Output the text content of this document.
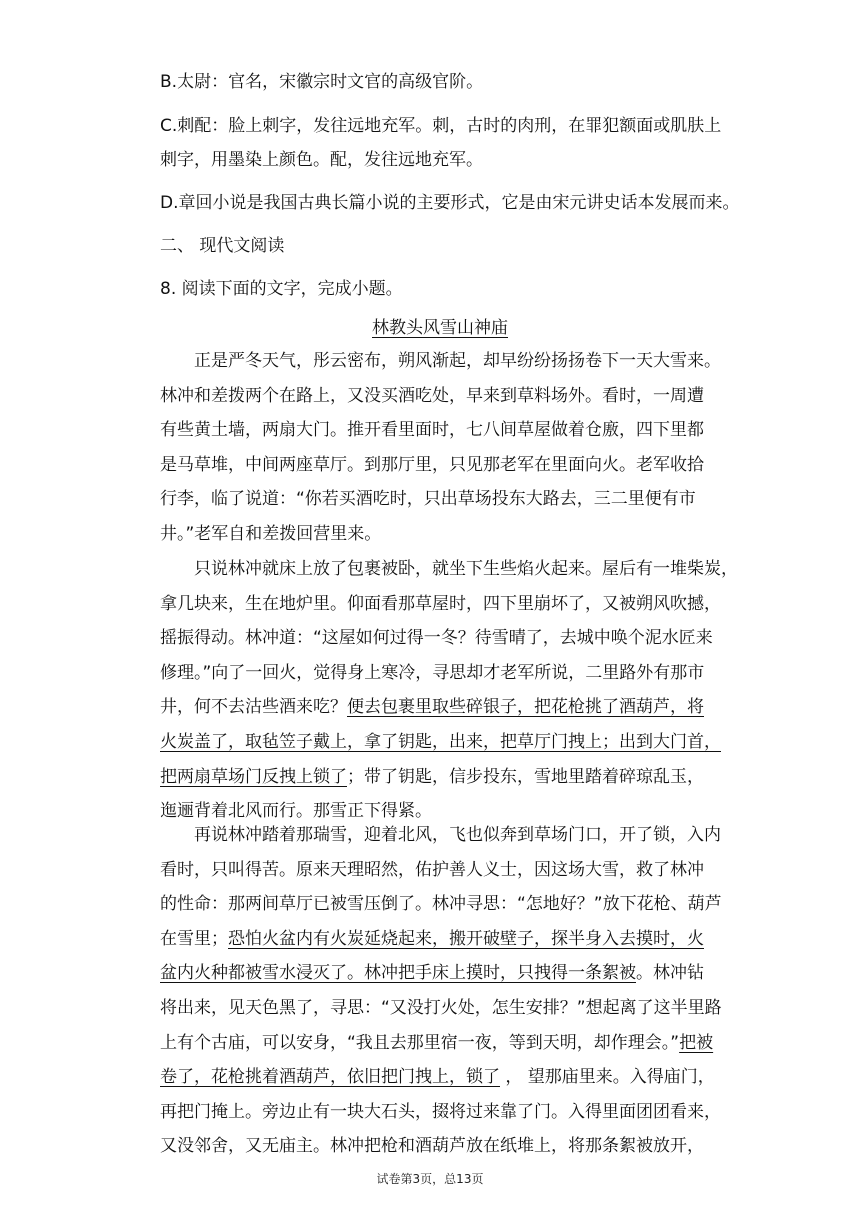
B.太尉：官名，宋徽宗时文官的高级官阶。
C.刺配：脸上刺字，发往远地充军。刺，古时的肉刑，在罪犯额面或肌肤上
刺字，用墨染上颜色。配，发往远地充军。
D.章回小说是我国古典长篇小说的主要形式，它是由宋元讲史话本发展而来。
二、 现代文阅读
8. 阅读下面的文字，完成小题。
林教头风雪山神庙
正是严冬天气，彤云密布，朔风渐起，却早纷纷扬扬卷下一天大雪来。
林冲和差拨两个在路上，又没买酒吃处，早来到草料场外。看时，一周遭
有些黄土墙，两扇大门。推开看里面时，七八间草屋做着仓廒，四下里都
是马草堆，中间两座草厅。到那厅里，只见那老军在里面向火。老军收拾
行李，临了说道：“你若买酒吃时，只出草场投东大路去，三二里便有市
井。”老军自和差拨回营里来。
只说林冲就床上放了包裹被卧，就坐下生些焰火起来。屋后有一堆柴炭，
拿几块来，生在地炉里。仰面看那草屋时，四下里崩坏了，又被朔风吹撼，
摇振得动。林冲道：“这屋如何过得一冬？待雪晴了，去城中唤个泥水匠来
修理。”向了一回火，觉得身上寒冷，寻思却才老军所说，二里路外有那市
井，何不去沽些酒来吃？便去包裹里取些碎银子，把花枪挑了酒葫芦，将
火炭盖了，取毡笠子戴上，拿了钥匙，出来，把草厅门拽上；出到大门首，
把两扇草场门反拽上锁了；带了钥匙，信步投东，雪地里踏着碎琼乱玉，
迤逦背着北风而行。那雪正下得紧。
再说林冲踏着那瑞雪，迎着北风，飞也似奔到草场门口，开了锁，入内
看时，只叫得苦。原来天理昭然，佑护善人义士，因这场大雪，救了林冲
的性命：那两间草厅已被雪压倒了。林冲寻思：“怎地好？”放下花枪、葫芦
在雪里；恐怕火盆内有火炭延烧起来，搬开破壁子，探半身入去摸时，火
盆内火种都被雪水浸灭了。林冲把手床上摸时，只拽得一条絮被。林冲钻
将出来，见天色黑了，寻思：“又没打火处，怎生安排？”想起离了这半里路
上有个古庙，可以安身，“我且去那里宿一夜，等到天明，却作理会。”把被
卷了，花枪挑着酒葫芦，依旧把门拽上，锁了 ， 望那庙里来。入得庙门，
再把门掩上。旁边止有一块大石头，掇将过来靠了门。入得里面团团看来，
又没邻舍，又无庙主。林冲把枪和酒葫芦放在纸堆上，将那条絮被放开，
试卷第3页，总13页
